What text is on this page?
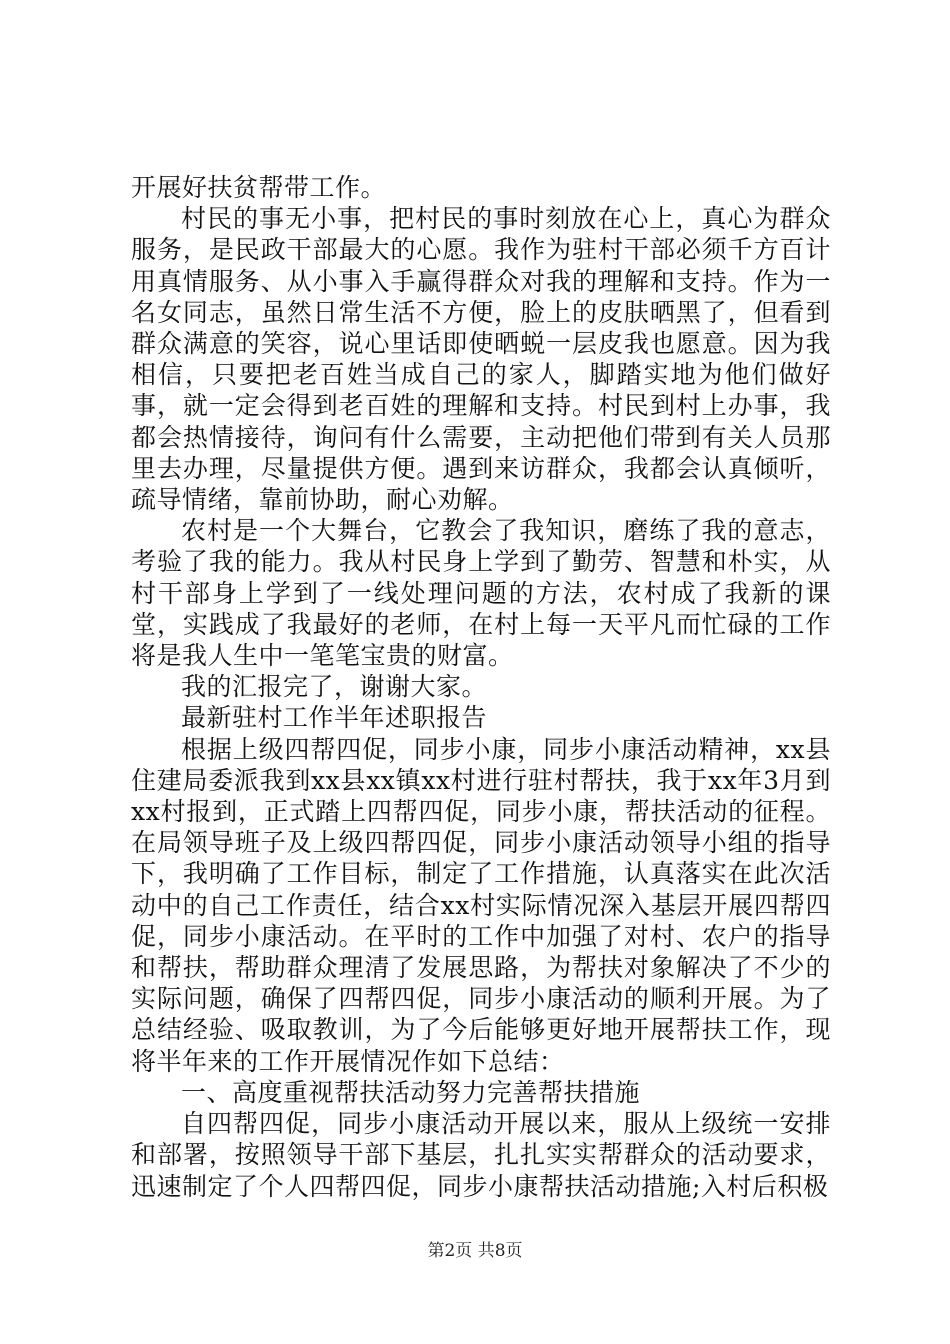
开展好扶贫帮带工作。

村民的事无小事，把村民的事时刻放在心上，真心为群众服务，是民政干部最大的心愿。我作为驻村干部必须千方百计用真情服务、从小事入手赢得群众对我的理解和支持。作为一名女同志，虽然日常生活不方便，脸上的皮肤晒黑了，但看到群众满意的笑容，说心里话即使晒蜕一层皮我也愿意。因为我相信，只要把老百姓当成自己的家人，脚踏实地为他们做好事，就一定会得到老百姓的理解和支持。村民到村上办事，我都会热情接待，询问有什么需要，主动把他们带到有关人员那里去办理，尽量提供方便。遇到来访群众，我都会认真倾听，疏导情绪，靠前协助，耐心劝解。

农村是一个大舞台，它教会了我知识，磨练了我的意志，考验了我的能力。我从村民身上学到了勤劳、智慧和朴实，从村干部身上学到了一线处理问题的方法，农村成了我新的课堂，实践成了我最好的老师，在村上每一天平凡而忙碌的工作将是我人生中一笔笔宝贵的财富。

我的汇报完了，谢谢大家。

最新驻村工作半年述职报告

根据上级四帮四促，同步小康，同步小康活动精神，xx县住建局委派我到xx县xx镇xx村进行驻村帮扶，我于xx年3月到xx村报到，正式踏上四帮四促，同步小康，帮扶活动的征程。在局领导班子及上级四帮四促，同步小康活动领导小组的指导下，我明确了工作目标，制定了工作措施，认真落实在此次活动中的自己工作责任，结合xx村实际情况深入基层开展四帮四促，同步小康活动。在平时的工作中加强了对村、农户的指导和帮扶，帮助群众理清了发展思路，为帮扶对象解决了不少的实际问题，确保了四帮四促，同步小康活动的顺利开展。为了总结经验、吸取教训，为了今后能够更好地开展帮扶工作，现将半年来的工作开展情况作如下总结：

一、高度重视帮扶活动努力完善帮扶措施

自四帮四促，同步小康活动开展以来，服从上级统一安排和部署，按照领导干部下基层，扎扎实实帮群众的活动要求，迅速制定了个人四帮四促，同步小康帮扶活动措施;入村后积极

第2页 共8页
